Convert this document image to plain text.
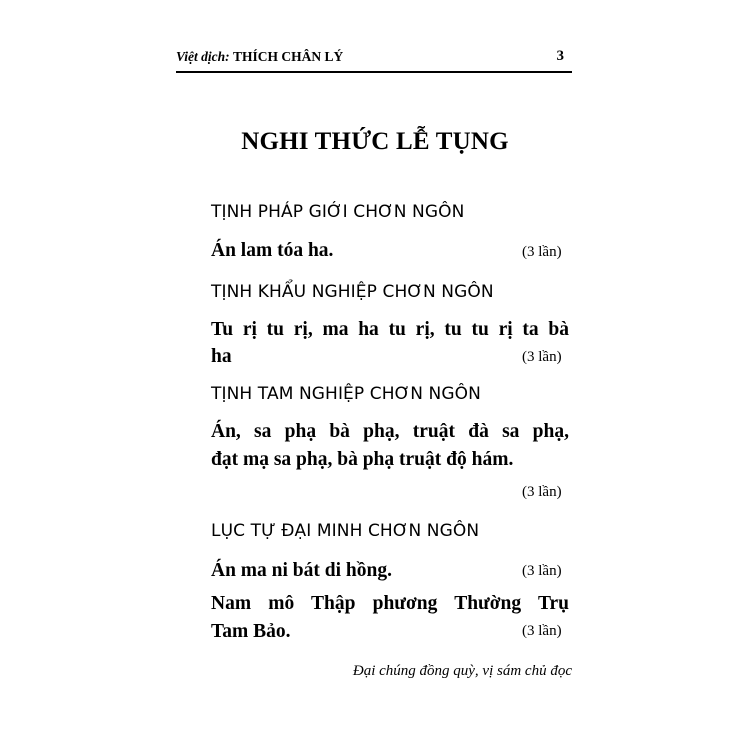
Việt dịch: THÍCH CHÂN LÝ	3
NGHI THỨC LỄ TỤNG
TỊNH PHÁP GIỚI CHƠN NGÔN
Án lam tóa ha.	(3 lần)
TỊNH KHẨU NGHIỆP CHƠN NGÔN
Tu rị tu rị, ma ha tu rị, tu tu rị ta bà
ha	(3 lần)
TỊNH TAM NGHIỆP CHƠN NGÔN
Án, sa phạ bà phạ, truật đà sa phạ,
đạt mạ sa phạ, bà phạ truật độ hám.
(3 lần)
LỤC TỰ ĐẠI MINH CHƠN NGÔN
Án ma ni bát di hồng.	(3 lần)
Nam mô Thập phương Thường Trụ
Tam Bảo.	(3 lần)
Đại chúng đồng quỳ, vị sám chủ đọc
